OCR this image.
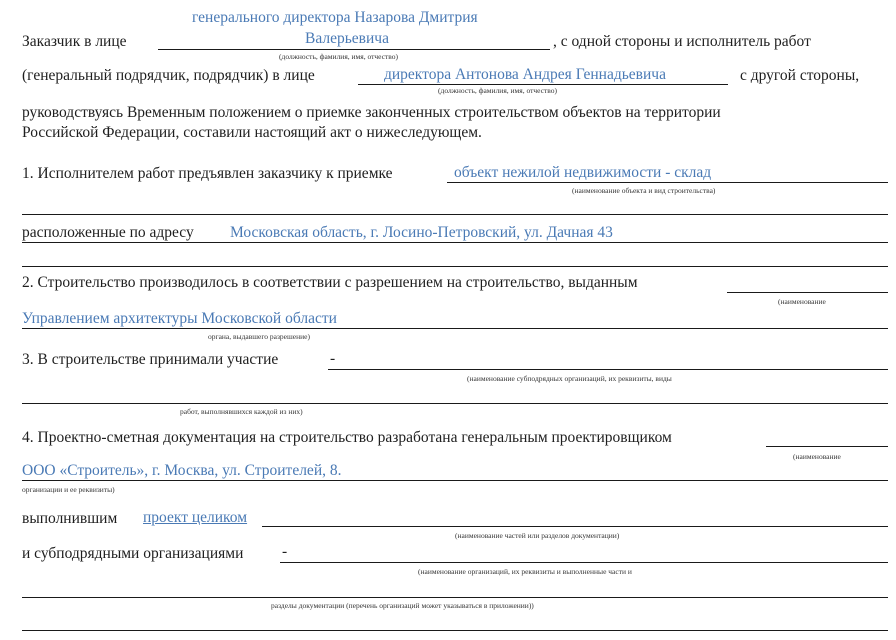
генерального директора Назарова Дмитрия
Заказчик в лице	Валерьевича	, с одной стороны и исполнитель работ
(должность, фамилия, имя, отчество)
(генеральный подрядчик, подрядчик) в лице	директора Антонова Андрея Геннадьевича	с другой стороны,
(должность, фамилия, имя, отчество)
руководствуясь Временным положением о приемке законченных строительством объектов на территории
Российской Федерации, составили настоящий акт о нижеследующем.
1. Исполнителем работ предъявлен заказчику к приемке	объект нежилой недвижимости - склад
(наименование объекта и вид строительства)
расположенные по адресу Московская область, г. Лосино-Петровский, ул. Дачная 43
2. Строительство производилось в соответствии с разрешением на строительство, выданным
(наименование
Управлением архитектуры Московской области
органа, выдавшего разрешение)
3. В строительстве принимали участие	-
(наименование субподрядных организаций, их реквизиты, виды
работ, выполнявшихся каждой из них)
4. Проектно-сметная документация на строительство разработана генеральным проектировщиком
(наименование
ООО «Строитель», г. Москва, ул. Строителей, 8.
организации и ее реквизиты)
выполнившим проект целиком
(наименование частей или разделов документации)
и субподрядными организациями -
(наименование организаций, их реквизиты и выполненные части и
разделы документации (перечень организаций может указываться в приложении))
